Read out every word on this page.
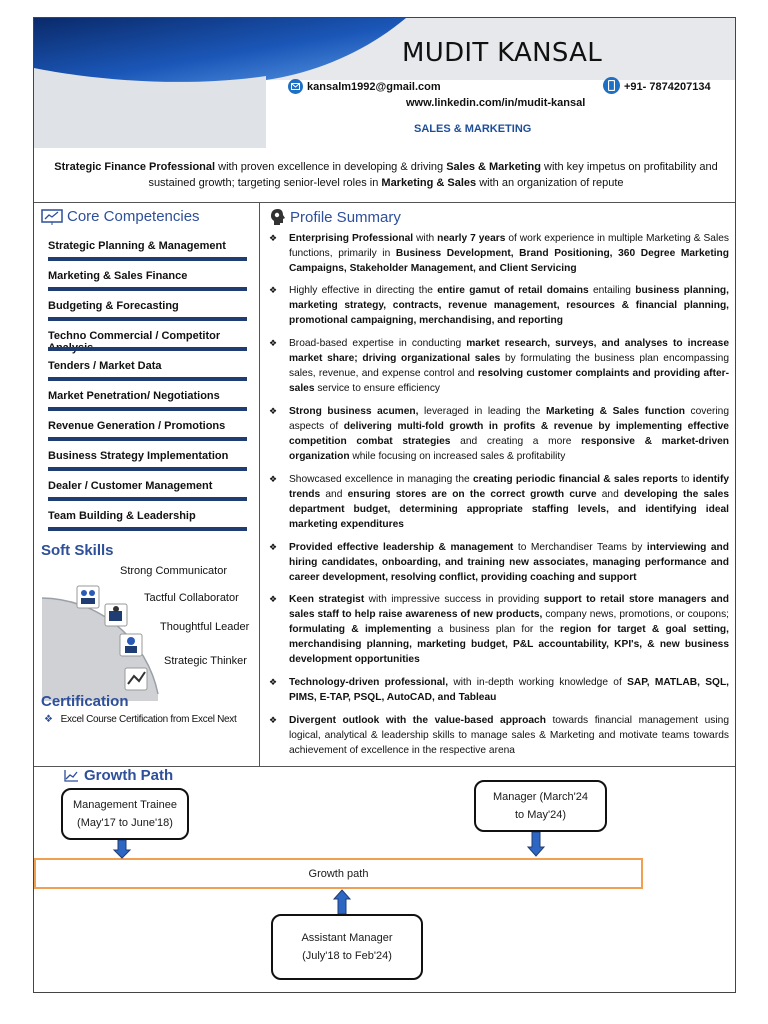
MUDIT KANSAL
kansalm1992@gmail.com	+91- 7874207134
www.linkedin.com/in/mudit-kansal
SALES & MARKETING
Strategic Finance Professional with proven excellence in developing & driving Sales & Marketing with key impetus on profitability and sustained growth; targeting senior-level roles in Marketing & Sales with an organization of repute
Core Competencies
Soft Skills
Strong Communicator
Tactful Collaborator
Thoughtful Leader
Strategic Thinker
Certification
❖ Excel Course Certification from Excel Next
Profile Summary
Growth Path
Management Trainee
(May'17 to June'18)
Manager (March'24
to May'24)
Growth path
Assistant Manager
(July'18 to Feb'24)
Strategic Planning & Management
Marketing & Sales Finance
Budgeting & Forecasting
Techno Commercial / Competitor
Tenders / Market Data
Market Penetration/ Negotiations
Revenue Generation / Promotions
Business Strategy Implementation
Dealer / Customer Management
Team Building & Leadership
❖ Enterprising Professional with nearly 7 years of work experience in multiple Marketing & Sales functions, primarily in Business Development, Brand Positioning, 360 Degree Marketing Campaigns, Stakeholder Management, and Client Servicing
❖ Highly effective in directing the entire gamut of retail domains entailing business planning, marketing strategy, contracts, revenue management, resources & financial planning, promotional campaigning, merchandising, and reporting
❖ Broad-based expertise in conducting market research, surveys, and analyses to increase market share; driving organizational sales by formulating the business plan encompassing sales, revenue, and expense control and resolving customer complaints and providing after-sales service to ensure efficiency
❖ Strong business acumen, leveraged in leading the Marketing & Sales function covering aspects of delivering multi-fold growth in profits & revenue by implementing effective competition combat strategies and creating a more responsive & market-driven organization while focusing on increased sales & profitability
❖ Showcased excellence in managing the creating periodic financial & sales reports to identify trends and ensuring stores are on the correct growth curve and developing the sales department budget, determining appropriate staffing levels, and identifying ideal marketing expenditures
❖ Provided effective leadership & management to Merchandiser Teams by interviewing and hiring candidates, onboarding, and training new associates, managing performance and career development, resolving conflict, providing coaching and support
❖ Keen strategist with impressive success in providing support to retail store managers and sales staff to help raise awareness of new products, company news, promotions, or coupons; formulating & implementing a business plan for the region for target & goal setting, merchandising planning, marketing budget, P&L accountability, KPI's, & new business development opportunities
❖ Technology-driven professional, with in-depth working knowledge of SAP, MATLAB, SQL, PIMS, E-TAP, PSQL, AutoCAD, and Tableau
❖ Divergent outlook with the value-based approach towards financial management using logical, analytical & leadership skills to manage sales & Marketing and motivate teams towards achievement of excellence in the respective arena
